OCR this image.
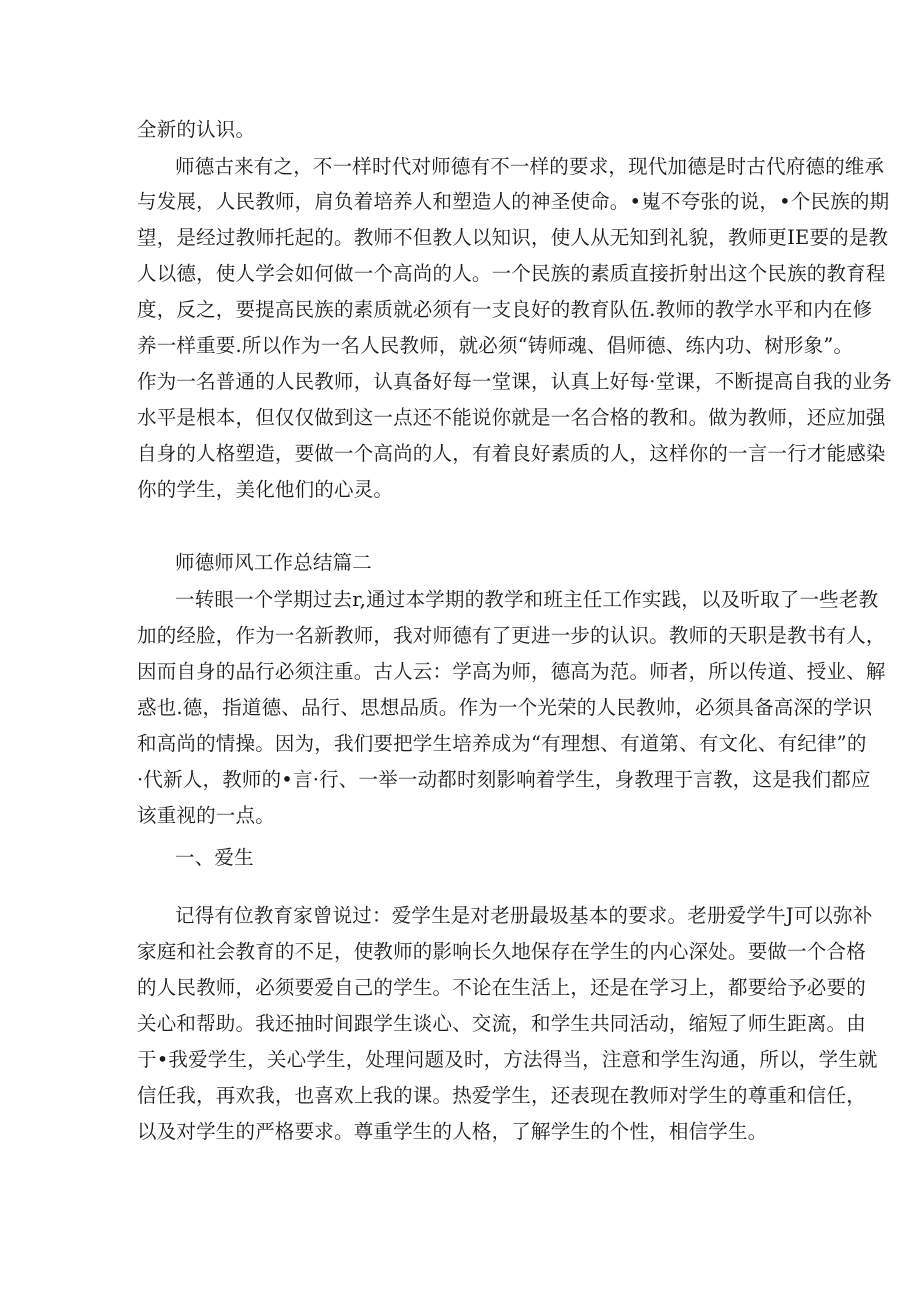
全新的认识。
师德古来有之，不一样时代对师德有不一样的要求，现代加德是时古代府德的维承
与发展，人民教师，肩负着培养人和塑造人的神圣使命。•嵬不夸张的说，•个民族的期
望，是经过教师托起的。教师不但教人以知识，使人从无知到礼貌，教师更IE要的是教
人以德，使人学会如何做一个高尚的人。一个民族的素质直接折射出这个民族的教育程
度，反之，要提高民族的素质就必须有一支良好的教育队伍.教师的教学水平和内在修
养一样重要.所以作为一名人民教师，就必须“铸师魂、倡师德、练内功、树形象”。
作为一名普通的人民教师，认真备好每一堂课，认真上好每·堂课，不断提高自我的业务
水平是根本，但仅仅做到这一点还不能说你就是一名合格的教和。做为教师，还应加强
自身的人格塑造，要做一个高尚的人，有着良好素质的人，这样你的一言一行才能感染
你的学生，美化他们的心灵。
师德师风工作总结篇二
一转眼一个学期过去r,通过本学期的教学和班主任工作实践，以及听取了一些老教
加的经脸，作为一名新教师，我对师德有了更进一步的认识。教师的天职是教书有人，
因而自身的品行必须注重。古人云：学高为师，德高为范。师者，所以传道、授业、解
惑也.德，指道德、品行、思想品质。作为一个光荣的人民教帅，必须具备高深的学识
和高尚的情操。因为，我们要把学生培养成为“有理想、有道第、有文化、有纪律”的
·代新人，教师的•言·行、一举一动都时刻影响着学生，身教理于言教，这是我们都应
该重视的一点。
一、爱生
记得有位教育家曾说过：爱学生是对老册最圾基本的要求。老册爱学牛J可以弥补
家庭和社会教育的不足，使教师的影响长久地保存在学生的内心深处。要做一个合格
的人民教师，必须要爱自己的学生。不论在生活上，还是在学习上，都要给予必要的
关心和帮助。我还抽时间跟学生谈心、交流，和学生共同活动，缩短了师生距离。由
于•我爱学生，关心学生，处理问题及时，方法得当，注意和学生沟通，所以，学生就
信任我，再欢我，也喜欢上我的课。热爱学生，还表现在教师对学生的尊重和信任，
以及对学生的严格要求。尊重学生的人格，了解学生的个性，相信学生。
